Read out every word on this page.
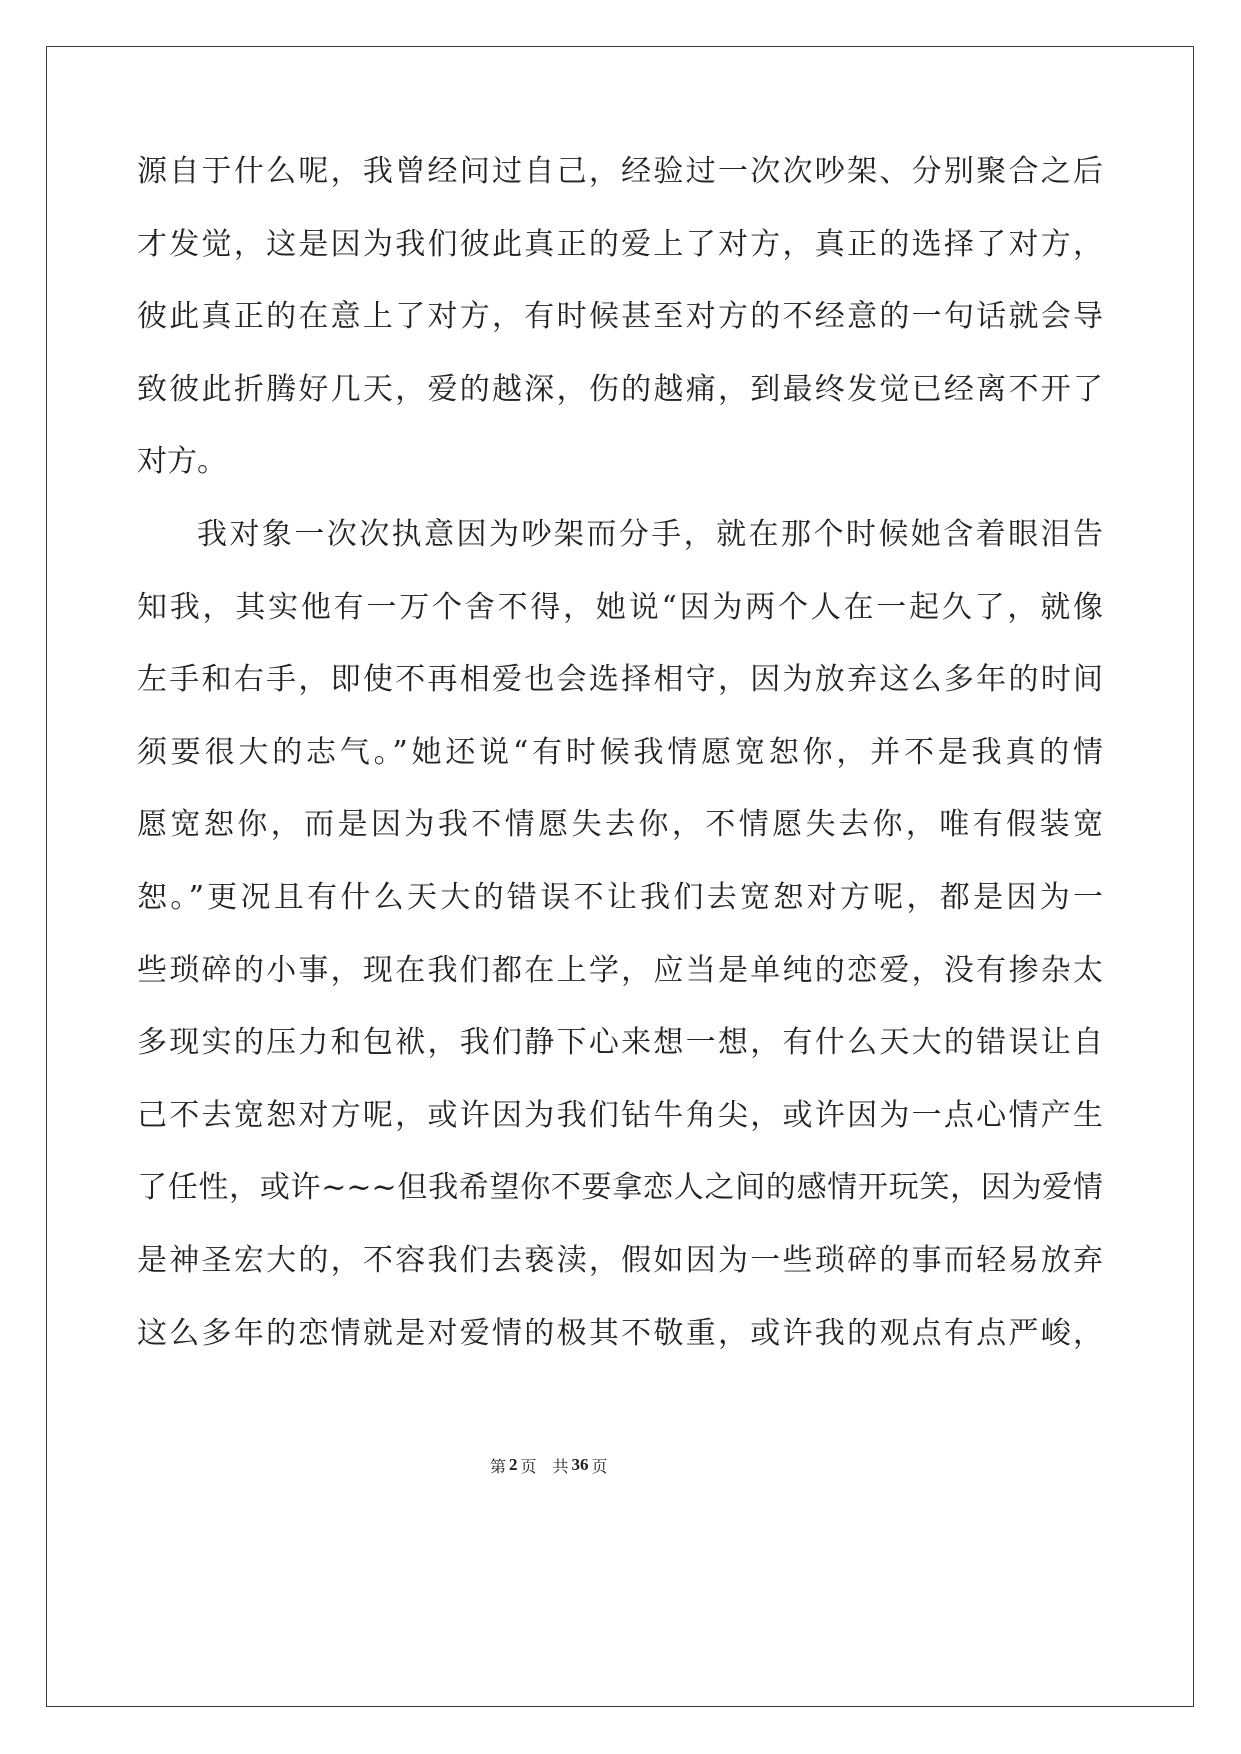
源自于什么呢，我曾经问过自己，经验过一次次吵架、分别聚合之后
才发觉，这是因为我们彼此真正的爱上了对方，真正的选择了对方，
彼此真正的在意上了对方，有时候甚至对方的不经意的一句话就会导
致彼此折腾好几天，爱的越深，伤的越痛，到最终发觉已经离不开了
对方。
我对象一次次执意因为吵架而分手，就在那个时候她含着眼泪告
知我，其实他有一万个舍不得，她说“因为两个人在一起久了，就像
左手和右手，即使不再相爱也会选择相守，因为放弃这么多年的时间
须要很大的志气。”她还说“有时候我情愿宽恕你，并不是我真的情
愿宽恕你，而是因为我不情愿失去你，不情愿失去你，唯有假装宽
恕。”更况且有什么天大的错误不让我们去宽恕对方呢，都是因为一
些琐碎的小事，现在我们都在上学，应当是单纯的恋爱，没有掺杂太
多现实的压力和包袱，我们静下心来想一想，有什么天大的错误让自
己不去宽恕对方呢，或许因为我们钻牛角尖，或许因为一点心情产生
了任性，或许~~~但我希望你不要拿恋人之间的感情开玩笑，因为爱情
是神圣宏大的，不容我们去亵渎，假如因为一些琐碎的事而轻易放弃
这么多年的恋情就是对爱情的极其不敬重，或许我的观点有点严峻，
第 2 页 共 36 页
